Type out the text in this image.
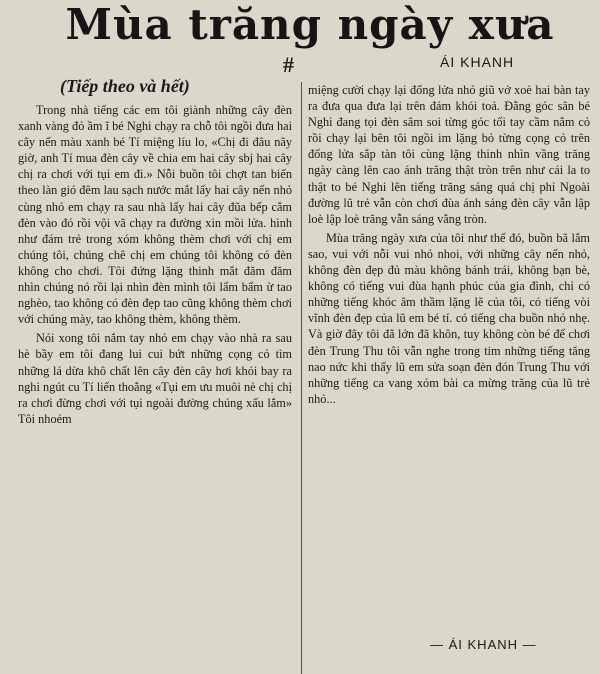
Mùa trăng ngày xưa
#	ÁI KHANH
(Tiếp theo và hết)

Trong nhà tiếng các em tôi giành những cây đèn xanh vàng đỏ ầm ĩ bé Nghi chạy ra chỗ tôi ngồi đưa hai cây nến màu xanh bé Tí miệng líu lo, «Chị đi đâu nãy giờ, anh Tí mua đèn cây về chia em hai cây sbj hai cây chị ra chơi với tụi em đi.» Nỗi buồn tôi chợt tan biến theo làn gió đêm lau sạch nước mắt lấy hai cây nến nhỏ cùng nhỏ em chạy ra sau nhà lấy hai cây đũa bếp cắm đèn vào đó rồi vội vã chạy ra đường xin mồi lửa. hình như đám trẻ trong xóm không thèm chơi với chị em chúng tôi, chúng chê chị em chúng tôi không có đèn không cho chơi. Tôi đứng lặng thinh mắt đăm đăm nhìn chúng nó rồi lại nhìn đèn mình tôi lẩm bẩm ừ tao nghèo, tao không có đèn đẹp tao cũng không thèm chơi với chúng mày, tao không thèm, không thèm.

Nói xong tôi nắm tay nhỏ em chạy vào nhà ra sau hè bầy em tôi đang lui cui bứt những cọng cỏ tìm những lá dừa khô chất lên cây đèn cây hơi khói bay ra nghi ngút cu Tí liến thoắng «Tụi em ưu muôi nè chị chị ra chơi đừng chơi với tụi ngoài đường chúng xấu lắm» Tôi nhoẻm

miệng cười chạy lại đống lửa nhỏ giũ vở xoè hai bàn tay ra đưa qua đưa lại trên đám khói toả. Đằng góc sân bé Nghi đang tọi đèn sâm soi từng góc tối tay cầm nắm cỏ rồi chạy lại bên tôi ngồi im lặng bỏ từng cọng cỏ trên đống lửa sắp tàn tôi cùng lặng thinh nhìn vầng trăng ngày càng lên cao ánh trăng thật tròn trên như cái la to thật to bé Nghi lên tiếng trăng sáng quá chị phỉ Ngoài đường lũ trẻ vẫn còn chơi đùa ánh sáng đèn cây vẫn lập loè lập loè trăng vẫn sáng vằng tròn.

Mùa trăng ngày xưa của tôi như thế đó, buồn bã lắm sao, vui với nỗi vui nhỏ nhoi, với những cây nến nhỏ, không đèn đẹp đủ màu không bánh trái, không bạn bè, không có tiếng vui đùa hạnh phúc của gia đình, chỉ có những tiếng khóc âm thầm lặng lẽ của tôi, có tiếng vòi vĩnh đèn đẹp của lũ em bé tí. có tiếng cha buồn nhỏ nhẹ. Và giờ đây tôi đã lớn đã khôn, tuy không còn bé để chơi đèn Trung Thu tôi vẫn nghe trong tim những tiếng tăng nao nức khi thấy lũ em sửa soạn đèn đón Trung Thu với những tiếng ca vang xóm bài ca mừng trăng của lũ trẻ nhỏ...

— ÁI KHANH —
